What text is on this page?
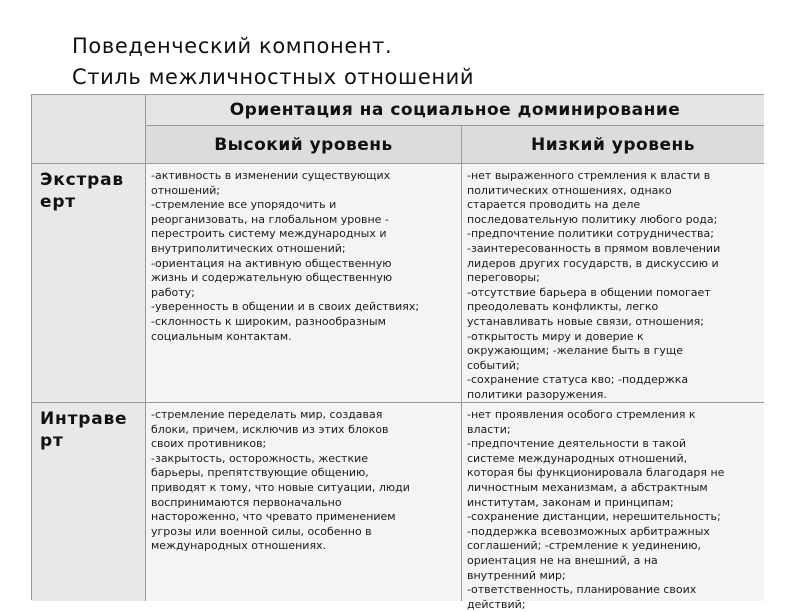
Поведенческий компонент.
Стиль межличностных отношений
Ориентация на социальное доминирование
Высокий уровень	Низкий уровень
Экстрав
ерт
-активность в изменении существующих
отношений;
-стремление все упорядочить и
реорганизовать, на глобальном уровне -
перестроить систему международных и
внутриполитических отношений;
-ориентация на активную общественную
жизнь и содержательную общественную
работу;
-уверенность в общении и в своих действиях;
-склонность к широким, разнообразным
социальным контактам.
-нет выраженного стремления к власти в
политических отношениях, однако
старается проводить на деле
последовательную политику любого рода;
-предпочтение политики сотрудничества;
-заинтересованность в прямом вовлечении
лидеров других государств, в дискуссию и
переговоры;
-отсутствие барьера в общении помогает
преодолевать конфликты, легко
устанавливать новые связи, отношения;
-открытость миру и доверие к
окружающим; -желание быть в гуще
событий;
-сохранение статуса кво; -поддержка
политики разоружения.
Интраве
рт
-стремление переделать мир, создавая
блоки, причем, исключив из этих блоков
своих противников;
-закрытость, осторожность, жесткие
барьеры, препятствующие общению,
приводят к тому, что новые ситуации, люди
воспринимаются первоначально
настороженно, что чревато применением
угрозы или военной силы, особенно в
международных отношениях.
-нет проявления особого стремления к
власти;
-предпочтение деятельности в такой
системе международных отношений,
которая бы функционировала благодаря не
личностным механизмам, а абстрактным
институтам, законам и принципам;
-сохранение дистанции, нерешительность;
-поддержка всевозможных арбитражных
соглашений; -стремление к уединению,
ориентация не на внешний, а на
внутренний мир;
-ответственность, планирование своих
действий;
